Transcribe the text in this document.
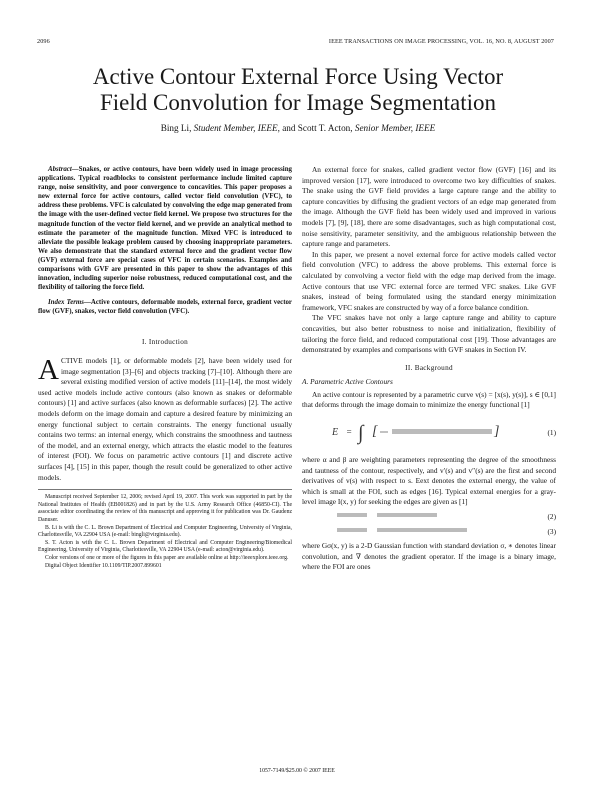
2096	IEEE TRANSACTIONS ON IMAGE PROCESSING, VOL. 16, NO. 8, AUGUST 2007
Active Contour External Force Using Vector
Field Convolution for Image Segmentation
Bing Li, Student Member, IEEE, and Scott T. Acton, Senior Member, IEEE
Abstract—Snakes, or active contours, have been widely used in image processing applications. Typical roadblocks to consistent performance include limited capture range, noise sensitivity, and poor convergence to concavities. This paper proposes a new external force for active contours, called vector field convolution (VFC), to address these problems. VFC is calculated by convolving the edge map generated from the image with the user-defined vector field kernel. We propose two structures for the magnitude function of the vector field kernel, and we provide an analytical method to estimate the parameter of the magnitude function. Mixed VFC is introduced to alleviate the possible leakage problem caused by choosing inappropriate parameters. We also demonstrate that the standard external force and the gradient vector flow (GVF) external force are special cases of VFC in certain scenarios. Examples and comparisons with GVF are presented in this paper to show the advantages of this innovation, including superior noise robustness, reduced computational cost, and the flexibility of tailoring the force field.
Index Terms—Active contours, deformable models, external force, gradient vector flow (GVF), snakes, vector field convolution (VFC).
I. Introduction

ACTIVE models [1], or deformable models [2], have been widely used for image segmentation [3]–[6] and objects tracking [7]–[10]. Although there are several existing modified version of active models [11]–[14], the most widely used active models include active contours (also known as snakes or deformable contours) [1] and active surfaces (also known as deformable surfaces) [2]. The active models deform on the image domain and capture a desired feature by minimizing an energy functional subject to certain constraints. The energy functional usually contains two terms: an internal energy, which constrains the smoothness and tautness of the model, and an external energy, which attracts the elastic model to the features of interest (FOI). We focus on parametric active contours [1] and discrete active surfaces [4], [15] in this paper, though the result could be generalized to other active models.

Manuscript received September 12, 2006; revised April 19, 2007. This work was supported in part by the National Institutes of Health (EB001826) and in part by the U.S. Army Research Office (46850-CI). The associate editor coordinating the review of this manuscript and approving it for publication was Dr. Gaudenz Danuser.

B. Li is with the C. L. Brown Department of Electrical and Computer Engineering, University of Virginia, Charlottesville, VA 22904 USA (e-mail: bingli@virginia.edu).

S. T. Acton is with the C. L. Brown Department of Electrical and Computer Engineering/Biomedical Engineering, University of Virginia, Charlottesville, VA 22904 USA (e-mail: acton@virginia.edu).

Color versions of one or more of the figures in this paper are available online at http://ieeexplore.ieee.org.

Digital Object Identifier 10.1109/TIP.2007.899601

An external force for snakes, called gradient vector flow (GVF) [16] and its improved version [17], were introduced to overcome two key difficulties of snakes. The snake using the GVF field provides a large capture range and the ability to capture concavities by diffusing the gradient vectors of an edge map generated from the image. Although the GVF field has been widely used and improved in various models [7], [9], [18], there are some disadvantages, such as high computational cost, noise sensitivity, parameter sensitivity, and the ambiguous relationship between the capture range and parameters.

In this paper, we present a novel external force for active models called vector field convolution (VFC) to address the above problems. This external force is calculated by convolving a vector field with the edge map derived from the image. Active contours that use VFC external force are termed VFC snakes. Like GVF snakes, instead of being formulated using the standard energy minimization framework, VFC snakes are constructed by way of a force balance condition.

The VFC snakes have not only a large capture range and ability to capture concavities, but also better robustness to noise and initialization, flexibility of tailoring the force field, and reduced computational cost [19]. Those advantages are demonstrated by examples and comparisons with GVF snakes in Section IV.

II. Background
A. Parametric Active Contours

An active contour is represented by a parametric curve v(s) = [x(s), y(s)], s ∈ [0,1] that deforms through the image domain to minimize the energy functional [1]

E = ∫ [	]	(1)

where α and β are weighting parameters representing the degree of the smoothness and tautness of the contour, respectively, and v′(s) and v″(s) are the first and second derivatives of v(s) with respect to s. Eext denotes the external energy, the value of which is small at the FOI, such as edges [16]. Typical external energies for a gray-level image I(x, y) for seeking the edges are given as [1]

(2)
(3)

where Gσ(x, y) is a 2-D Gaussian function with standard deviation σ, ∗ denotes linear convolution, and ∇ denotes the gradient operator. If the image is a binary image, where the FOI are ones

1057-7149/$25.00 © 2007 IEEE
